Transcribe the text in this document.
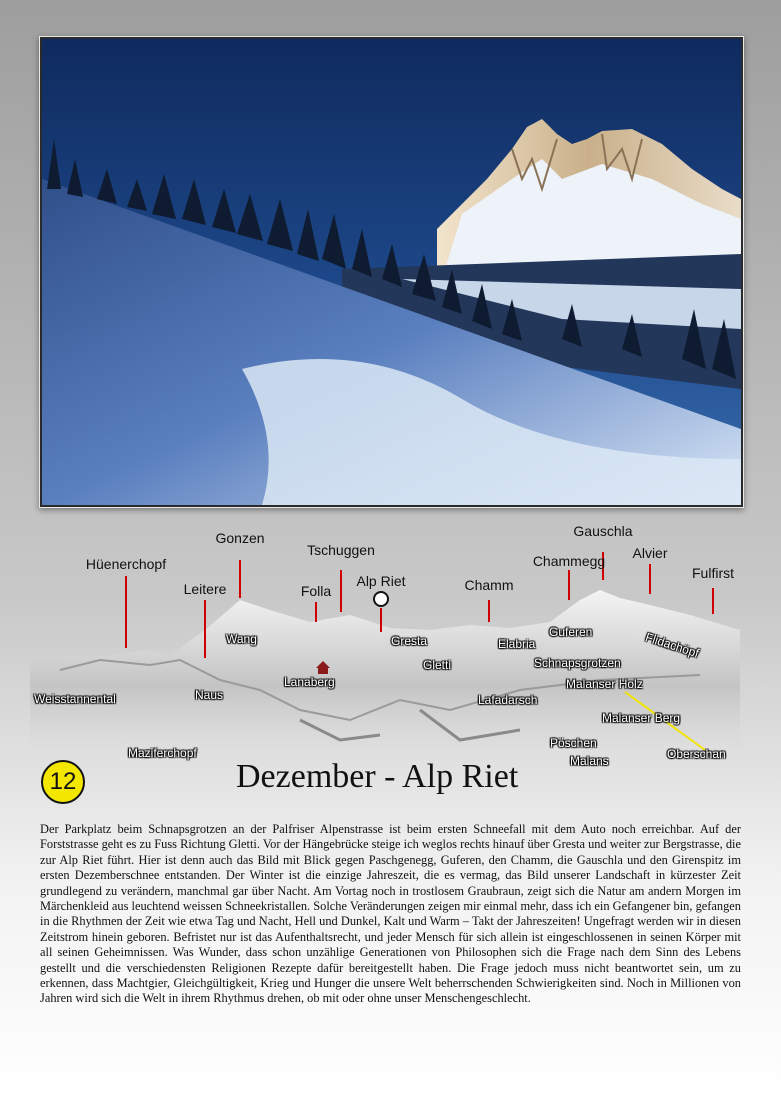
Hüenerchopf
Gonzen
Leitere
Tschuggen
Folla
Alp Riet	Chamm
Gauschla
Chammegg Alvier
Fulfirst
Wang	Gresta	Elabria
Guferen	Flidachöpf
Lanaberg
Gletti	Schnapsgrotzen
Weisstannental	Naus
Malanser Holz
Lafadarsch
Malanser Berg
Maziferchopf
Pöschen
Oberschan
Malans
12	Dezember - Alp Riet

Der Parkplatz beim Schnapsgrotzen an der Palfriser Alpenstrasse ist beim ersten Schneefall mit dem Auto noch erreichbar. Auf der Forststrasse geht es zu Fuss Richtung Gletti. Vor der Hängebrücke steige ich weglos rechts hinauf über Gresta und weiter zur Bergstrasse, die zur Alp Riet führt. Hier ist denn auch das Bild mit Blick gegen Paschgenegg, Guferen, den Chamm, die Gauschla und den Girenspitz im ersten Dezemberschnee entstanden. Der Winter ist die einzige Jahreszeit, die es vermag, das Bild unserer Landschaft in kürzester Zeit grundlegend zu verändern, manchmal gar über Nacht. Am Vortag noch in trostlosem Graubraun, zeigt sich die Natur am andern Morgen im Märchenkleid aus leuchtend weissen Schneekristallen. Solche Veränderungen zeigen mir einmal mehr, dass ich ein Gefangener bin, gefangen in die Rhythmen der Zeit wie etwa Tag und Nacht, Hell und Dunkel, Kalt und Warm – Takt der Jahreszeiten! Ungefragt werden wir in diesen Zeitstrom hinein geboren. Befristet nur ist das Aufenthaltsrecht, und jeder Mensch für sich allein ist eingeschlossenen in seinen Körper mit all seinen Geheimnissen. Was Wunder, dass schon unzählige Generationen von Philosophen sich die Frage nach dem Sinn des Lebens gestellt und die verschiedensten Religionen Rezepte dafür bereitgestellt haben. Die Frage jedoch muss nicht beantwortet sein, um zu erkennen, dass Machtgier, Gleichgültigkeit, Krieg und Hunger die unsere Welt beherrschenden Schwierigkeiten sind. Noch in Millionen von Jahren wird sich die Welt in ihrem Rhythmus drehen, ob mit oder ohne unser Menschengeschlecht.
